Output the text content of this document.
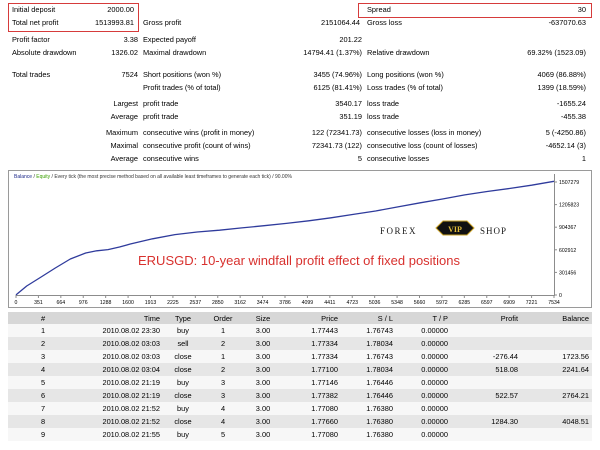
Initial deposit	2000.00	Spread	30
Total net profit	1513993.81 Gross profit	2151064.44 Gross loss	-637070.63
Profit factor	3.38 Expected payoff	201.22
Absolute drawdown	1326.02 Maximal drawdown	14794.41 (1.37%) Relative drawdown	69.32% (1523.09)
Total trades	7524 Short positions (won %)	3455 (74.96%) Long positions (won %)	4069 (86.88%)
Profit trades (% of total)	6125 (81.41%) Loss trades (% of total)	1399 (18.59%)
Largest profit trade	3540.17 loss trade	-1655.24
Average profit trade	351.19 loss trade	-455.38
Maximum consecutive wins (profit in money)	122 (72341.73) consecutive losses (loss in money)	5 (-4250.86)
Maximal consecutive profit (count of wins)	72341.73 (122) consecutive loss (count of losses)	-4652.14 (3)
Average consecutive wins	5 consecutive losses	1
Balance / Equity / Every tick (the most precise method based on all available least timeframes to generate each tick) / 90.00%
0	351	664	976 1288 1600 1913 2225 2537 2850 3162 3474 3786 4099 4411 4723 5036 5348 5660 5972 6285 6597 6909 7221 7534
0
301456
602912
904367
1205823
1507279
FOREX	VIP SHOP
ERUSGD: 10-year windfall profit effect of fixed positions
#	Time	Type	Order	Size	Price	S / L	T / P	Profit	Balance
1	2010.08.02 23:30	buy	1	3.00	1.77443	1.76743	0.00000		
2	2010.08.02 03:03	sell	2	3.00	1.77334	1.78034	0.00000		
3	2010.08.02 03:03	close	1	3.00	1.77334	1.76743	0.00000	-276.44	1723.56
4	2010.08.02 03:04	close	2	3.00	1.77100	1.78034	0.00000	518.08	2241.64
5	2010.08.02 21:19	buy	3	3.00	1.77146	1.76446	0.00000		
6	2010.08.02 21:19	close	3	3.00	1.77382	1.76446	0.00000	522.57	2764.21
7	2010.08.02 21:52	buy	4	3.00	1.77080	1.76380	0.00000		
8	2010.08.02 21:52	close	4	3.00	1.77660	1.76380	0.00000	1284.30	4048.51
9	2010.08.02 21:55	buy	5	3.00	1.77080	1.76380	0.00000		
